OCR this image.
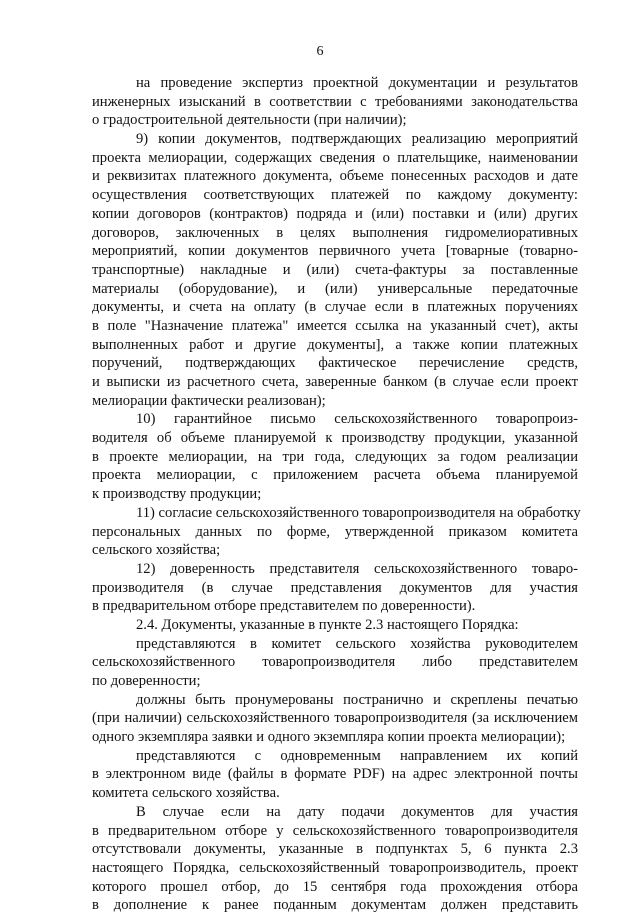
6
на проведение экспертиз проектной документации и результатов
инженерных изысканий в соответствии с требованиями законодательства
о градостроительной деятельности (при наличии);
9) копии документов, подтверждающих реализацию мероприятий
проекта мелиорации, содержащих сведения о плательщике, наименовании
и реквизитах платежного документа, объеме понесенных расходов и дате
осуществления соответствующих платежей по каждому документу:
копии договоров (контрактов) подряда и (или) поставки и (или) других
договоров, заключенных в целях выполнения гидромелиоративных
мероприятий, копии документов первичного учета [товарные (товарно-
транспортные) накладные и (или) счета-фактуры за поставленные
материалы (оборудование), и (или) универсальные передаточные
документы, и счета на оплату (в случае если в платежных поручениях
в поле "Назначение платежа" имеется ссылка на указанный счет), акты
выполненных работ и другие документы], а также копии платежных
поручений, подтверждающих фактическое перечисление средств,
и выписки из расчетного счета, заверенные банком (в случае если проект
мелиорации фактически реализован);
10) гарантийное письмо сельскохозяйственного товаропроиз-
водителя об объеме планируемой к производству продукции, указанной
в проекте мелиорации, на три года, следующих за годом реализации
проекта мелиорации, с приложением расчета объема планируемой
к производству продукции;
11) согласие сельскохозяйственного товаропроизводителя на обработку
персональных данных по форме, утвержденной приказом комитета
сельского хозяйства;
12) доверенность представителя сельскохозяйственного товаро-
производителя (в случае представления документов для участия
в предварительном отборе представителем по доверенности).
2.4. Документы, указанные в пункте 2.3 настоящего Порядка:
представляются в комитет сельского хозяйства руководителем
сельскохозяйственного товаропроизводителя либо представителем
по доверенности;
должны быть пронумерованы постранично и скреплены печатью
(при наличии) сельскохозяйственного товаропроизводителя (за исключением
одного экземпляра заявки и одного экземпляра копии проекта мелиорации);
представляются с одновременным направлением их копий
в электронном виде (файлы в формате PDF) на адрес электронной почты
комитета сельского хозяйства.
В случае если на дату подачи документов для участия
в предварительном отборе у сельскохозяйственного товаропроизводителя
отсутствовали документы, указанные в подпунктах 5, 6 пункта 2.3
настоящего Порядка, сельскохозяйственный товаропроизводитель, проект
которого прошел отбор, до 15 сентября года прохождения отбора
в дополнение к ранее поданным документам должен представить
